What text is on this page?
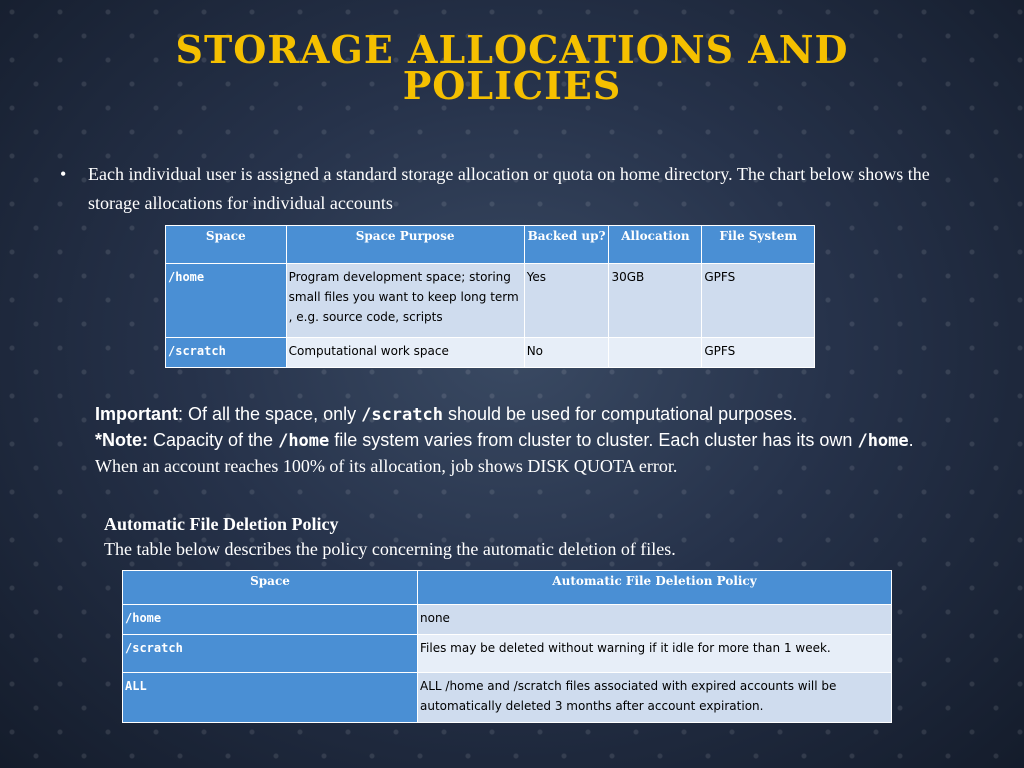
STORAGE ALLOCATIONS AND
POLICIES
• Each individual user is assigned a standard storage allocation or quota on home directory. The chart below shows the storage allocations for individual accounts
Space	Space Purpose	Backed up?	Allocation	File System
/home	Program development space; storing small files you want to keep long term , e.g. source code, scripts	Yes	30GB	GPFS
/scratch	Computational work space	No		GPFS
Important: Of all the space, only /scratch should be used for computational purposes.
*Note: Capacity of the /home file system varies from cluster to cluster. Each cluster has its own /home.
When an account reaches 100% of its allocation, job shows DISK QUOTA error.
Automatic File Deletion Policy
The table below describes the policy concerning the automatic deletion of files.
Space	Automatic File Deletion Policy
/home	none
/scratch	Files may be deleted without warning if it idle for more than 1 week.
ALL	ALL /home and /scratch files associated with expired accounts will be automatically deleted 3 months after account expiration.
